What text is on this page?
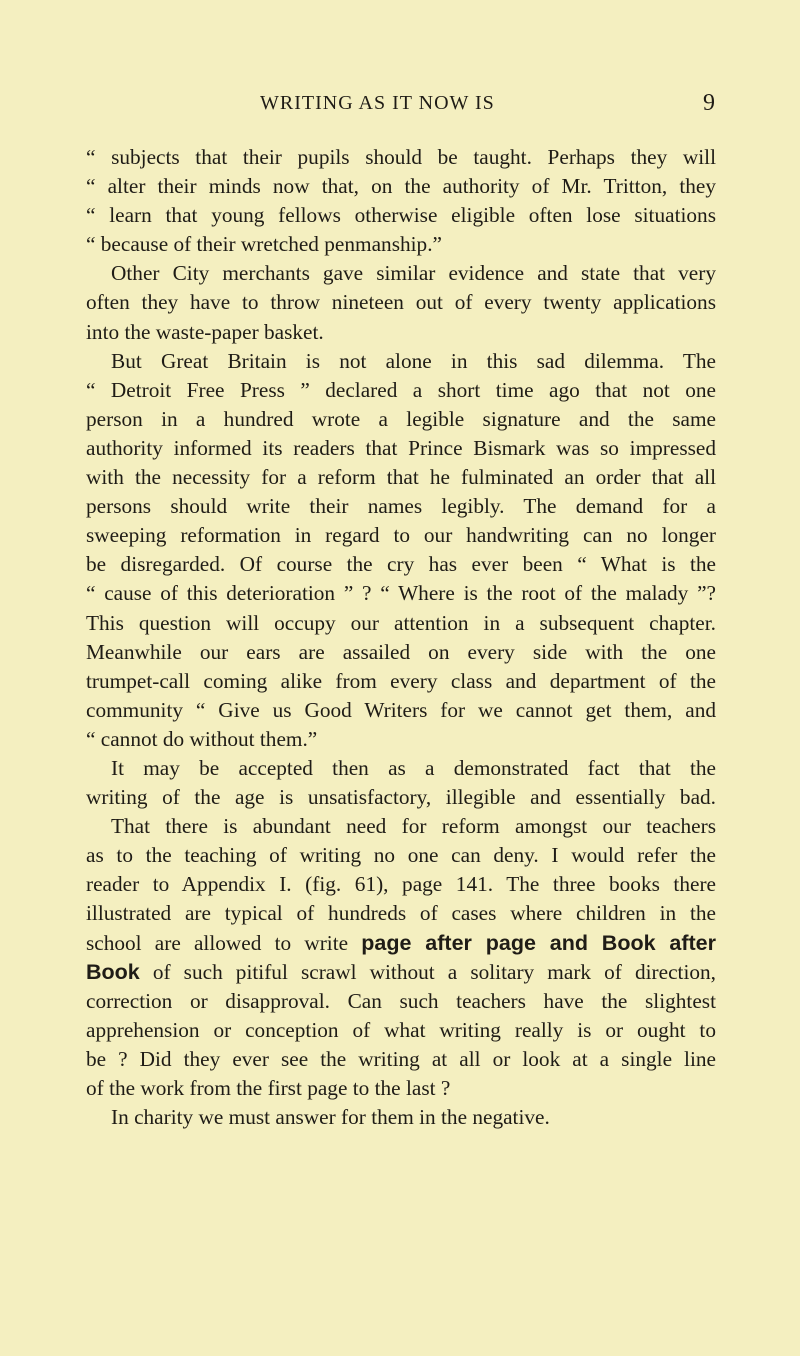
WRITING AS IT NOW IS	9
“ subjects that their pupils should be taught. Perhaps they will
“ alter their minds now that, on the authority of Mr. Tritton, they
“ learn that young fellows otherwise eligible often lose situations
“ because of their wretched penmanship.”
Other City merchants gave similar evidence and state that very
often they have to throw nineteen out of every twenty applications
into the waste-paper basket.
But Great Britain is not alone in this sad dilemma. The
“ Detroit Free Press ” declared a short time ago that not one
person in a hundred wrote a legible signature and the same
authority informed its readers that Prince Bismark was so impressed
with the necessity for a reform that he fulminated an order that all
persons should write their names legibly. The demand for a
sweeping reformation in regard to our handwriting can no longer
be disregarded. Of course the cry has ever been “ What is the
“ cause of this deterioration ” ? “ Where is the root of the malady ”?
This question will occupy our attention in a subsequent chapter.
Meanwhile our ears are assailed on every side with the one
trumpet-call coming alike from every class and department of the
community “ Give us Good Writers for we cannot get them, and
“ cannot do without them.”
It may be accepted then as a demonstrated fact that the
writing of the age is unsatisfactory, illegible and essentially bad.
That there is abundant need for reform amongst our teachers
as to the teaching of writing no one can deny. I would refer the
reader to Appendix I. (fig. 61), page 141. The three books there
illustrated are typical of hundreds of cases where children in the
school are allowed to write page after page and Book after
Book of such pitiful scrawl without a solitary mark of direction,
correction or disapproval. Can such teachers have the slightest
apprehension or conception of what writing really is or ought to
be ? Did they ever see the writing at all or look at a single line
of the work from the first page to the last ?
In charity we must answer for them in the negative.
